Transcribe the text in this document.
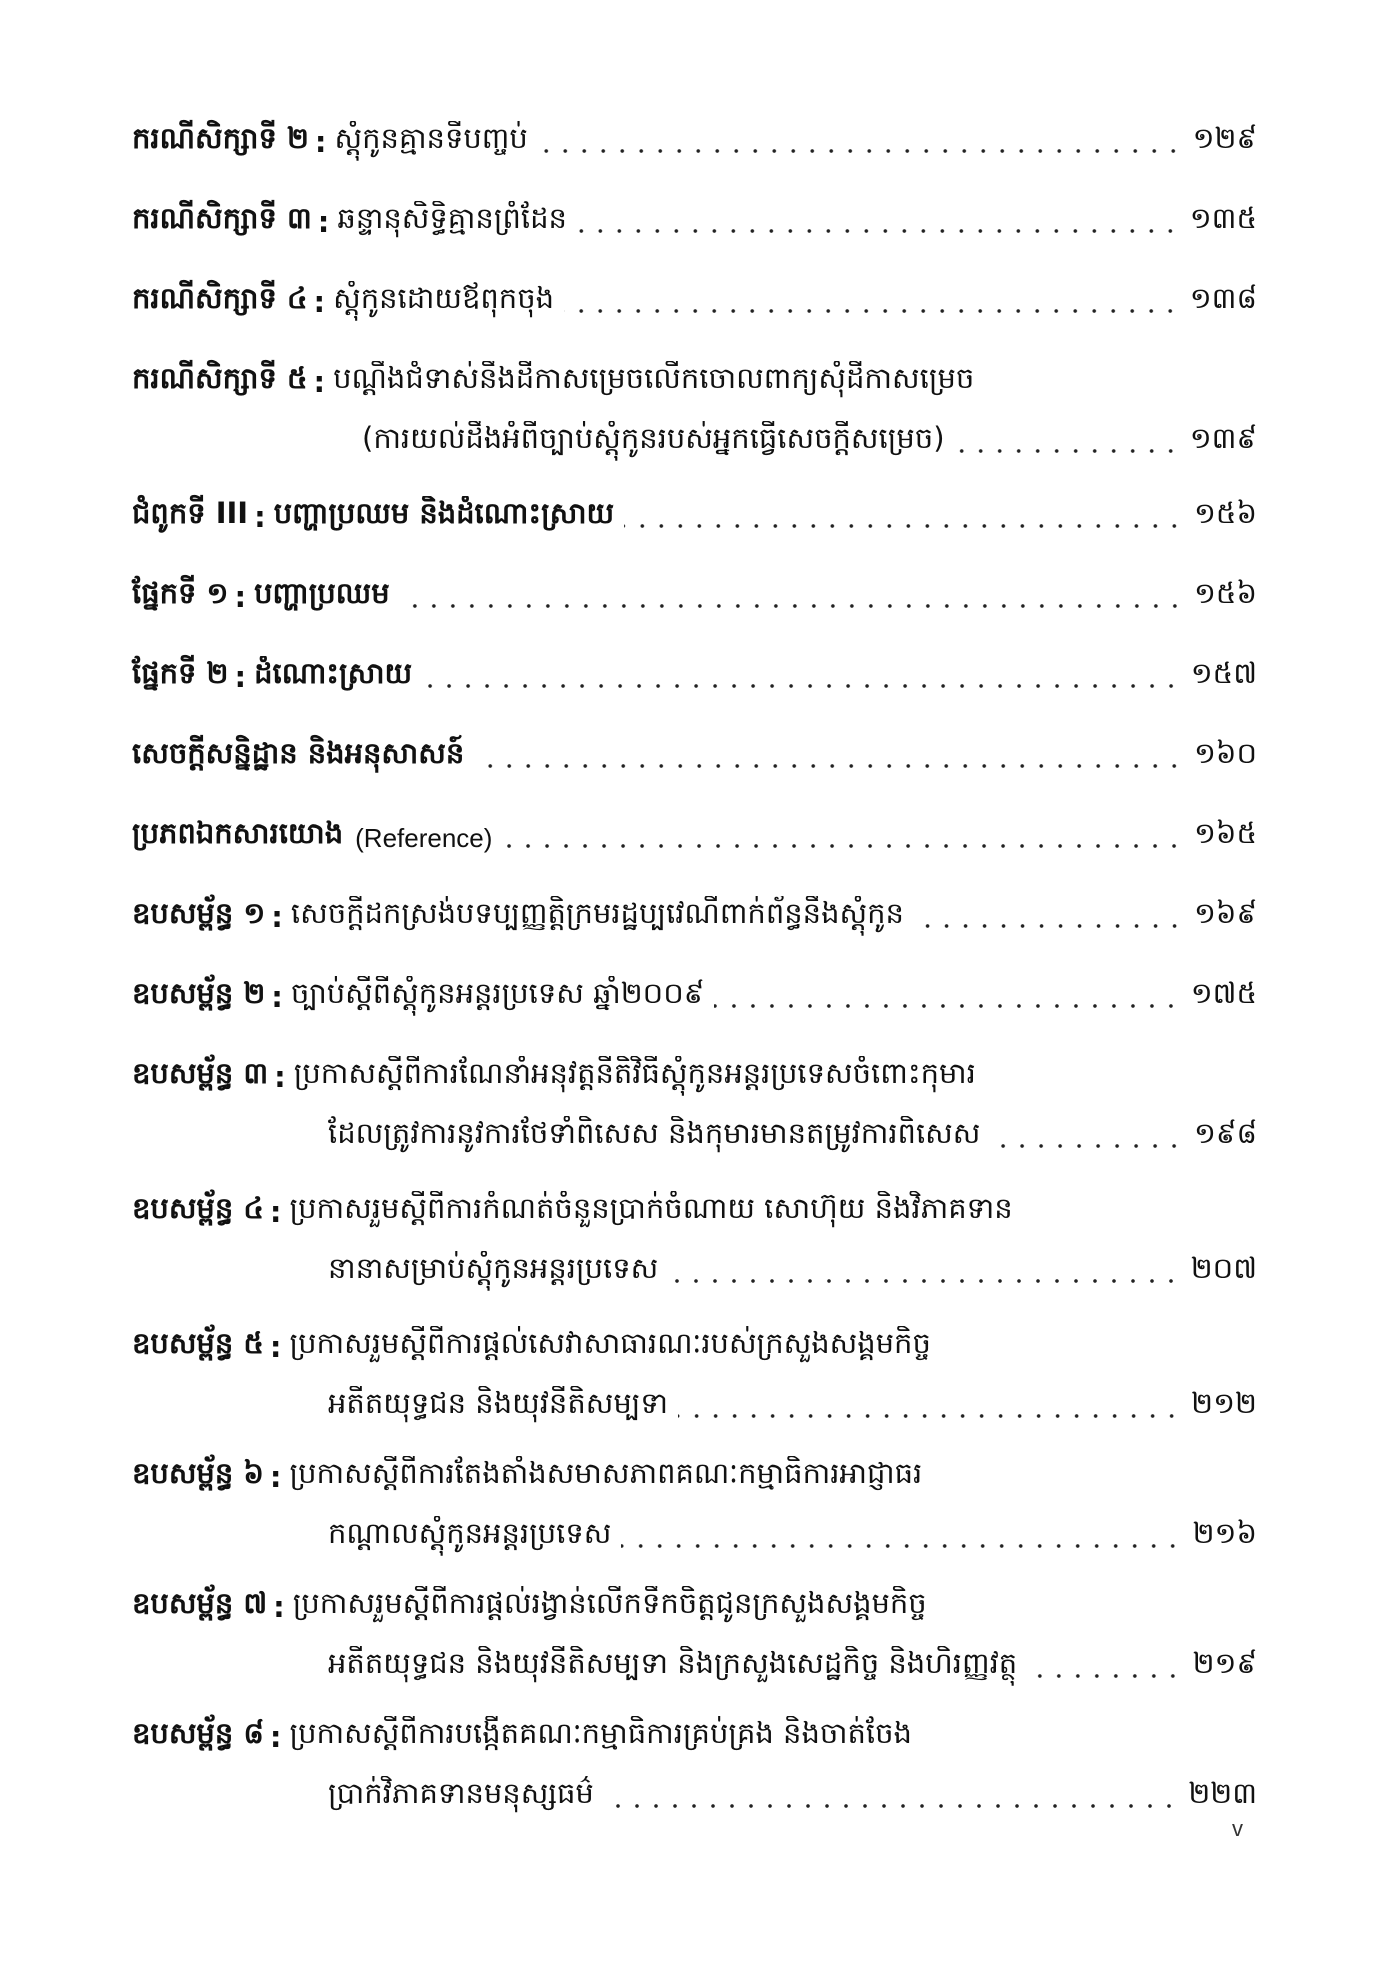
ករណីសិក្សាទី ២ : ស្ដុំកូនគ្មានទីបញ្ចប់	១២៩
ករណីសិក្សាទី ៣ : ឆន្ទានុសិទ្ធិគ្មានព្រំដែន	១៣៥
ករណីសិក្សាទី ៤ : ស្ដុំកូនដោយឪពុកចុង	១៣៨
ករណីសិក្សាទី ៥ : បណ្ដឹងជំទាស់នឹងដីកាសម្រេចលើកចោលពាក្យសុំដីកាសម្រេច
(ការយល់ដឹងអំពីច្បាប់ស្ដុំកូនរបស់អ្នកធ្វើសេចក្ដីសម្រេច)	១៣៩
ជំពូកទី III : បញ្ហាប្រឈម និងដំណោះស្រាយ	១៥៦
ផ្នែកទី ១ : បញ្ហាប្រឈម	១៥៦
ផ្នែកទី ២ : ដំណោះស្រាយ	១៥៧
សេចក្ដីសន្និដ្ឋាន និងអនុសាសន៍	១៦០
ប្រភពឯកសារយោង (Reference)	១៦៥
ឧបសម្ព័ន្ធ ១ : សេចក្ដីដកស្រង់បទប្បញ្ញត្តិក្រមរដ្ឋប្បវេណីពាក់ព័ន្ធនឹងស្ដុំកូន	១៦៩
ឧបសម្ព័ន្ធ ២ : ច្បាប់ស្ដីពីស្ដុំកូនអន្តរប្រទេស ឆ្នាំ២០០៩	១៧៥
ឧបសម្ព័ន្ធ ៣ : ប្រកាសស្ដីពីការណែនាំអនុវត្តនីតិវិធីស្ដុំកូនអន្តរប្រទេសចំពោះកុមារ
ដែលត្រូវការនូវការថែទាំពិសេស និងកុមារមានតម្រូវការពិសេស	១៩៨
ឧបសម្ព័ន្ធ ៤ : ប្រកាសរួមស្ដីពីការកំណត់ចំនួនប្រាក់ចំណាយ សោហ៊ុយ និងវិភាគទាន
នានាសម្រាប់ស្ដុំកូនអន្តរប្រទេស	២០៧
ឧបសម្ព័ន្ធ ៥ : ប្រកាសរួមស្ដីពីការផ្ដល់សេវាសាធារណៈរបស់ក្រសួងសង្គមកិច្ច
អតីតយុទ្ធជន និងយុវនីតិសម្បទា	២១២
ឧបសម្ព័ន្ធ ៦ : ប្រកាសស្ដីពីការតែងតាំងសមាសភាពគណៈកម្មាធិការអាជ្ញាធរ
កណ្ដាលស្ដុំកូនអន្តរប្រទេស	២១៦
ឧបសម្ព័ន្ធ ៧ : ប្រកាសរួមស្ដីពីការផ្ដល់រង្វាន់លើកទឹកចិត្តជូនក្រសួងសង្គមកិច្ច
អតីតយុទ្ធជន និងយុវនីតិសម្បទា និងក្រសួងសេដ្ឋកិច្ច និងហិរញ្ញវត្ថុ	២១៩
ឧបសម្ព័ន្ធ ៨ : ប្រកាសស្ដីពីការបង្កើតគណៈកម្មាធិការគ្រប់គ្រង និងចាត់ចែង
ប្រាក់វិភាគទានមនុស្សធម៌	២២៣
v
